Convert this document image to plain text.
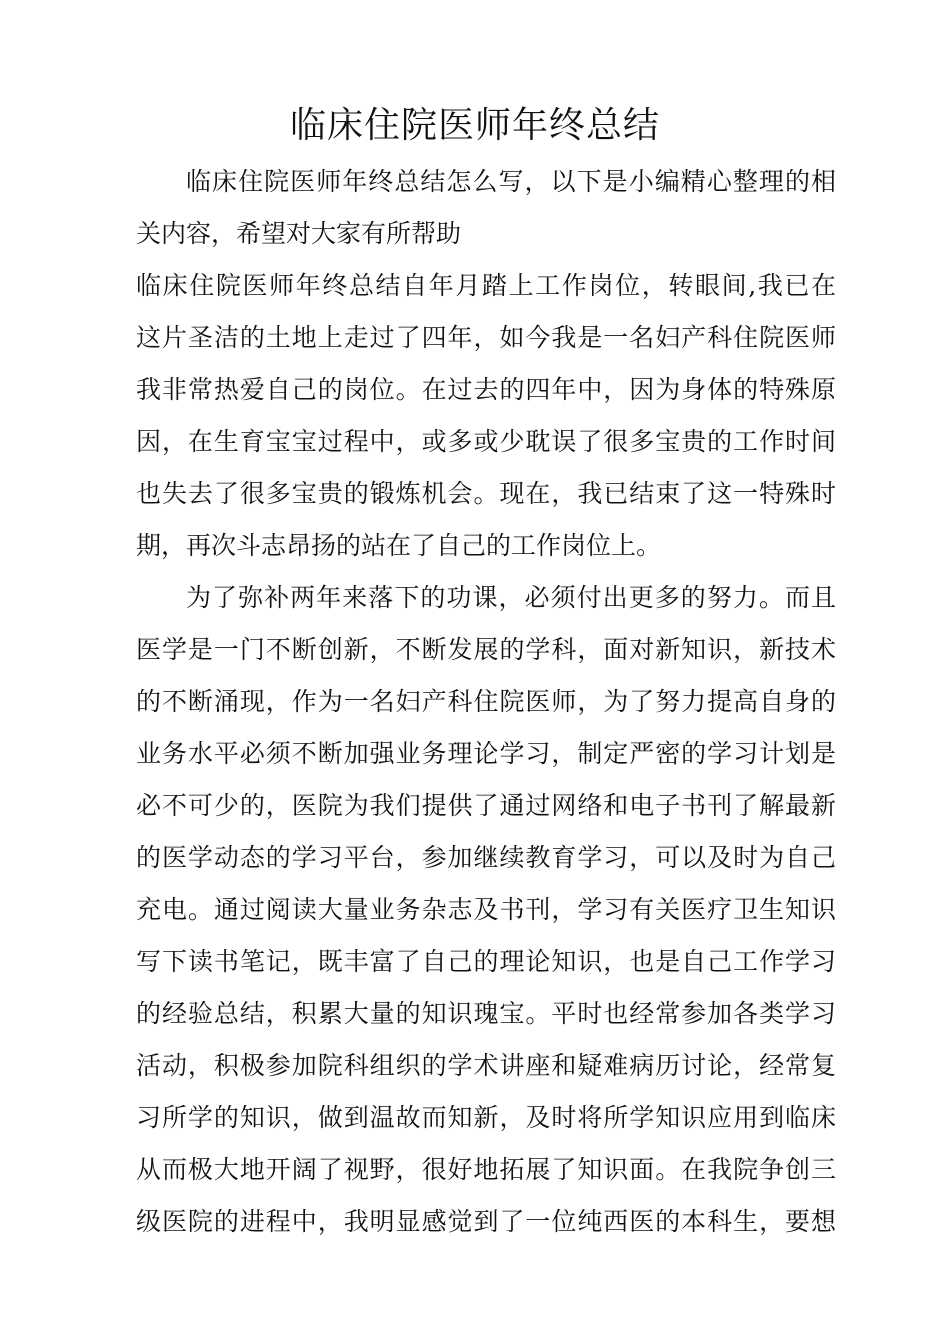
临床住院医师年终总结
临床住院医师年终总结怎么写，以下是小编精心整理的相
关内容，希望对大家有所帮助
临床住院医师年终总结自年月踏上工作岗位，转眼间,我已在
这片圣洁的土地上走过了四年，如今我是一名妇产科住院医师
我非常热爱自己的岗位。在过去的四年中，因为身体的特殊原
因，在生育宝宝过程中，或多或少耽误了很多宝贵的工作时间
也失去了很多宝贵的锻炼机会。现在，我已结束了这一特殊时
期，再次斗志昂扬的站在了自己的工作岗位上。
为了弥补两年来落下的功课，必须付出更多的努力。而且
医学是一门不断创新，不断发展的学科，面对新知识，新技术
的不断涌现，作为一名妇产科住院医师，为了努力提高自身的
业务水平必须不断加强业务理论学习，制定严密的学习计划是
必不可少的，医院为我们提供了通过网络和电子书刊了解最新
的医学动态的学习平台，参加继续教育学习，可以及时为自己
充电。通过阅读大量业务杂志及书刊，学习有关医疗卫生知识
写下读书笔记，既丰富了自己的理论知识，也是自己工作学习
的经验总结，积累大量的知识瑰宝。平时也经常参加各类学习
活动，积极参加院科组织的学术讲座和疑难病历讨论，经常复
习所学的知识，做到温故而知新，及时将所学知识应用到临床
从而极大地开阔了视野，很好地拓展了知识面。在我院争创三
级医院的进程中，我明显感觉到了一位纯西医的本科生，要想
